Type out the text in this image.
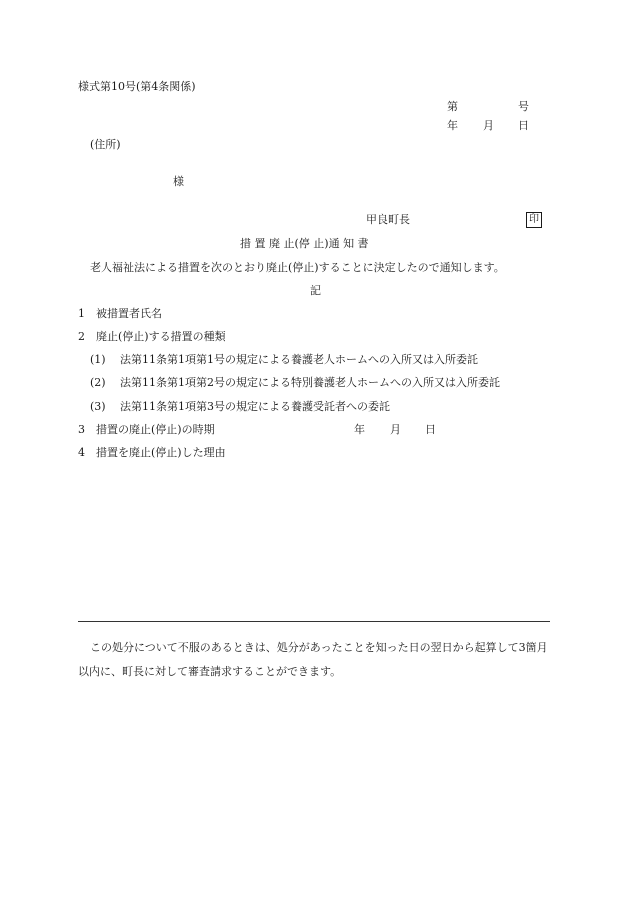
様式第10号(第4条関係)
第	号
年 月 日
(住所)
様
甲良町長	印
措 置 廃 止(停 止)通 知 書
老人福祉法による措置を次のとおり廃止(停止)することに決定したので通知します。
記
1 被措置者氏名
2 廃止(停止)する措置の種類
(1) 法第11条第1項第1号の規定による養護老人ホームへの入所又は入所委託
(2) 法第11条第1項第2号の規定による特別養護老人ホームへの入所又は入所委託
(3) 法第11条第1項第3号の規定による養護受託者への委託
3 措置の廃止(停止)の時期	年 月 日
4 措置を廃止(停止)した理由
この処分について不服のあるときは、処分があったことを知った日の翌日から起算して3箇月以内に、町長に対して審査請求することができます。
